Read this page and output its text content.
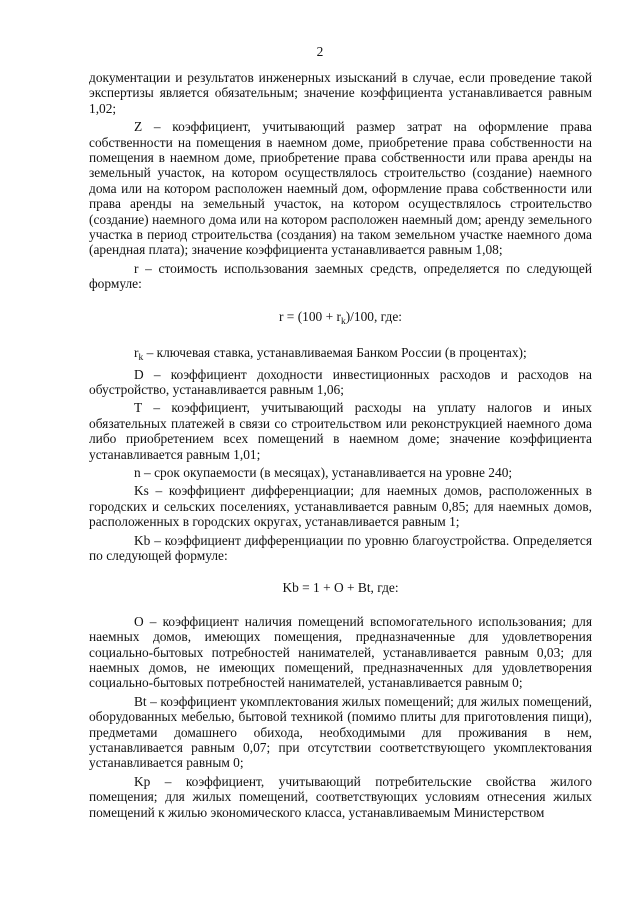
2

документации и результатов инженерных изысканий в случае, если проведение такой экспертизы является обязательным; значение коэффициента устанавливается равным 1,02;

Z – коэффициент, учитывающий размер затрат на оформление права собственности на помещения в наемном доме, приобретение права собственности на помещения в наемном доме, приобретение права собственности или права аренды на земельный участок, на котором осуществлялось строительство (создание) наемного дома или на котором расположен наемный дом, оформление права собственности или права аренды на земельный участок, на котором осуществлялось строительство (создание) наемного дома или на котором расположен наемный дом; аренду земельного участка в период строительства (создания) на таком земельном участке наемного дома (арендная плата); значение коэффициента устанавливается равным 1,08;

r – стоимость использования заемных средств, определяется по следующей формуле:

$r = (100 + r_k)/100$, где:

$r_k$ – ключевая ставка, устанавливаемая Банком России (в процентах);

D – коэффициент доходности инвестиционных расходов и расходов на обустройство, устанавливается равным 1,06;

T – коэффициент, учитывающий расходы на уплату налогов и иных обязательных платежей в связи со строительством или реконструкцией наемного дома либо приобретением всех помещений в наемном доме; значение коэффициента устанавливается равным 1,01;

n – срок окупаемости (в месяцах), устанавливается на уровне 240;

Ks – коэффициент дифференциации; для наемных домов, расположенных в городских и сельских поселениях, устанавливается равным 0,85; для наемных домов, расположенных в городских округах, устанавливается равным 1;

Kb – коэффициент дифференциации по уровню благоустройства. Определяется по следующей формуле:

Kb = 1 + O + Bt, где:

O – коэффициент наличия помещений вспомогательного использования; для наемных домов, имеющих помещения, предназначенные для удовлетворения социально-бытовых потребностей нанимателей, устанавливается равным 0,03; для наемных домов, не имеющих помещений, предназначенных для удовлетворения социально-бытовых потребностей нанимателей, устанавливается равным 0;

Bt – коэффициент укомплектования жилых помещений; для жилых помещений, оборудованных мебелью, бытовой техникой (помимо плиты для приготовления пищи), предметами домашнего обихода, необходимыми для проживания в нем, устанавливается равным 0,07; при отсутствии соответствующего укомплектования устанавливается равным 0;

Kp – коэффициент, учитывающий потребительские свойства жилого помещения; для жилых помещений, соответствующих условиям отнесения жилых помещений к жилью экономического класса, устанавливаемым Министерством
